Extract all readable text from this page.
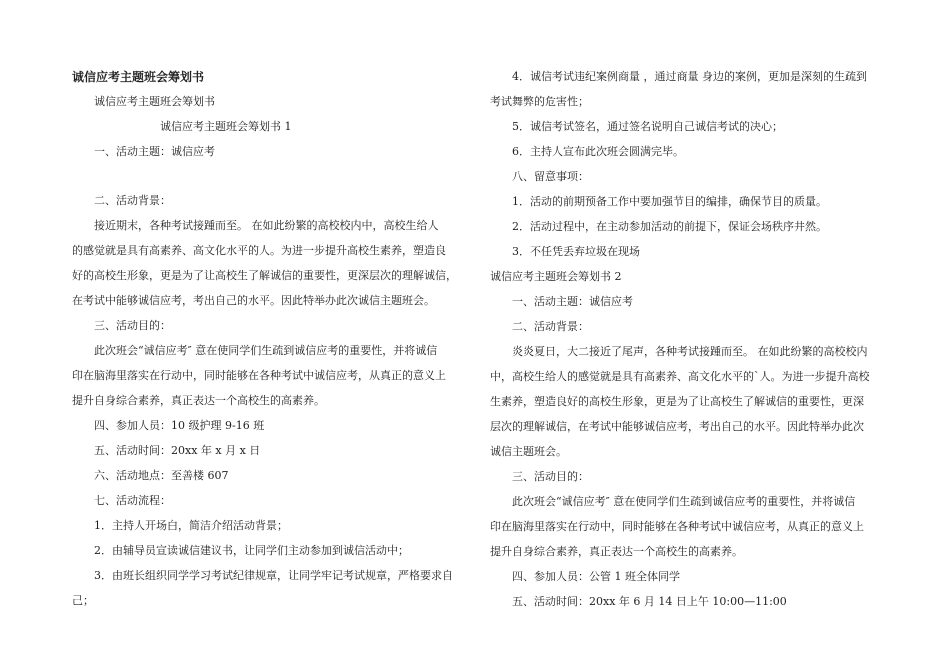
诚信应考主题班会筹划书
诚信应考主题班会筹划书
诚信应考主题班会筹划书 1
一、活动主题：诚信应考
二、活动背景：
接近期末，各种考试接踵而至。 在如此纷繁的高校校内中，高校生给人
的感觉就是具有高素养、高文化水平的人。为进一步提升高校生素养，塑造良
好的高校生形象，更是为了让高校生了解诚信的重要性，更深层次的理解诚信，
在考试中能够诚信应考，考出自己的水平。因此特举办此次诚信主题班会。
三、活动目的：
此次班会“诚信应考″ 意在使同学们生疏到诚信应考的重要性，并将诚信
印在脑海里落实在行动中，同时能够在各种考试中诚信应考，从真正的意义上
提升自身综合素养，真正表达一个高校生的高素养。
四、参加人员：10 级护理 9-16 班
五、活动时间：20xx 年 x 月 x 日
六、活动地点：至善楼 607
七、活动流程：
1．主持人开场白，简洁介绍活动背景；
2．由辅导员宣读诚信建议书，让同学们主动参加到诚信活动中；
3．由班长组织同学学习考试纪律规章，让同学牢记考试规章，严格要求自
己；
4．诚信考试违纪案例商量 ，通过商量 身边的案例，更加是深刻的生疏到
考试舞弊的危害性；
5．诚信考试签名，通过签名说明自己诚信考试的决心；
6．主持人宣布此次班会圆满完毕。
八、留意事项：
1．活动的前期预备工作中要加强节目的编排，确保节目的质量。
2．活动过程中，在主动参加活动的前提下，保证会场秩序井然。
3．不任凭丢弃垃圾在现场
诚信应考主题班会筹划书 2
一、活动主题：诚信应考
二、活动背景：
炎炎夏日，大二接近了尾声，各种考试接踵而至。 在如此纷繁的高校校内
中，高校生给人的感觉就是具有高素养、高文化水平的`人。为进一步提升高校
生素养，塑造良好的高校生形象，更是为了让高校生了解诚信的重要性，更深
层次的理解诚信，在考试中能够诚信应考，考出自己的水平。因此特举办此次
诚信主题班会。
三、活动目的：
此次班会“诚信应考″ 意在使同学们生疏到诚信应考的重要性，并将诚信
印在脑海里落实在行动中，同时能够在各种考试中诚信应考，从真正的意义上
提升自身综合素养，真正表达一个高校生的高素养。
四、参加人员：公管 1 班全体同学
五、活动时间：20xx 年 6 月 14 日上午 10:00—11:00
